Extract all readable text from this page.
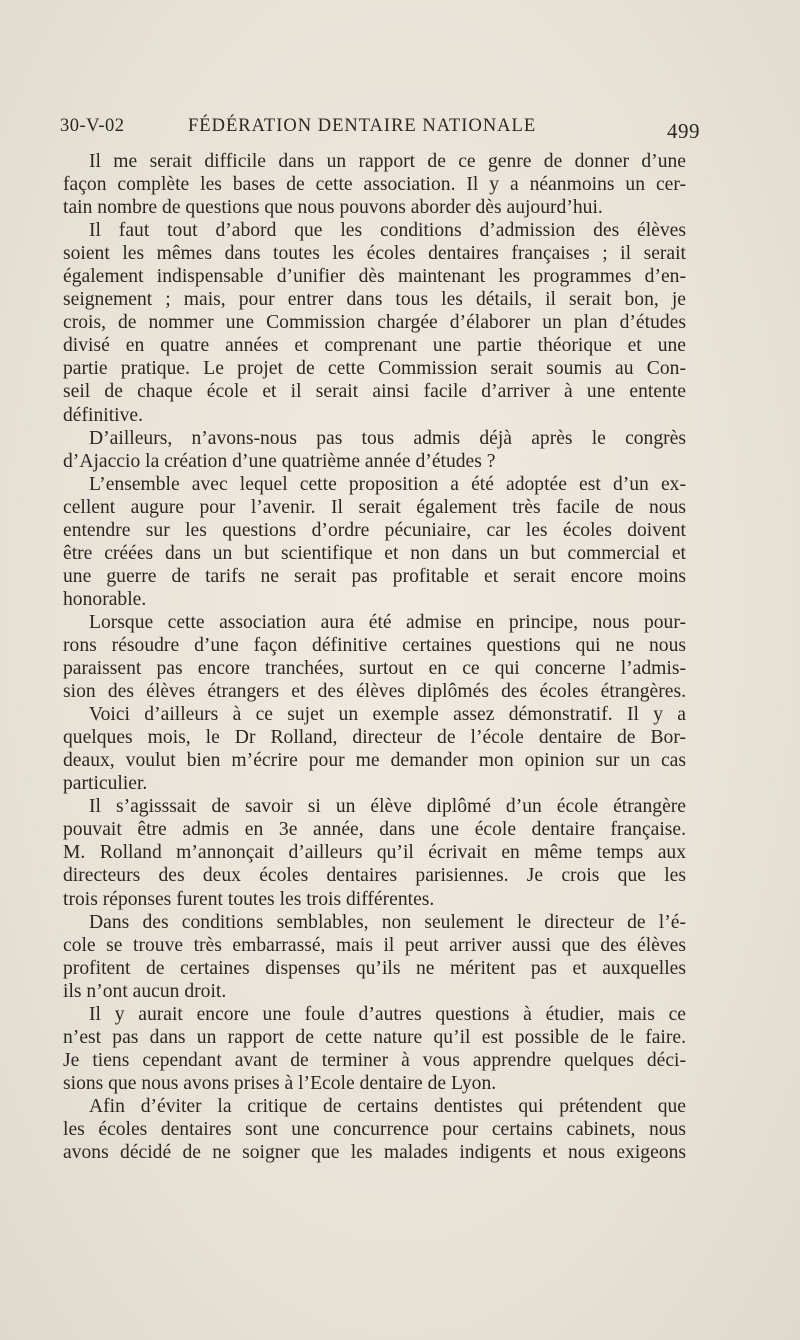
30-V-02	FÉDÉRATION DENTAIRE NATIONALE	499
Il me serait difficile dans un rapport de ce genre de donner d’une
façon complète les bases de cette association. Il y a néanmoins un cer-
tain nombre de questions que nous pouvons aborder dès aujourd’hui.
Il faut tout d’abord que les conditions d’admission des élèves
soient les mêmes dans toutes les écoles dentaires françaises ; il serait
également indispensable d’unifier dès maintenant les programmes d’en-
seignement ; mais, pour entrer dans tous les détails, il serait bon, je
crois, de nommer une Commission chargée d’élaborer un plan d’études
divisé en quatre années et comprenant une partie théorique et une
partie pratique. Le projet de cette Commission serait soumis au Con-
seil de chaque école et il serait ainsi facile d’arriver à une entente
définitive.
D’ailleurs, n’avons-nous pas tous admis déjà après le congrès
d’Ajaccio la création d’une quatrième année d’études ?
L’ensemble avec lequel cette proposition a été adoptée est d’un ex-
cellent augure pour l’avenir. Il serait également très facile de nous
entendre sur les questions d’ordre pécuniaire, car les écoles doivent
être créées dans un but scientifique et non dans un but commercial et
une guerre de tarifs ne serait pas profitable et serait encore moins
honorable.
Lorsque cette association aura été admise en principe, nous pour-
rons résoudre d’une façon définitive certaines questions qui ne nous
paraissent pas encore tranchées, surtout en ce qui concerne l’admis-
sion des élèves étrangers et des élèves diplômés des écoles étrangères.
Voici d’ailleurs à ce sujet un exemple assez démonstratif. Il y a
quelques mois, le Dr Rolland, directeur de l’école dentaire de Bor-
deaux, voulut bien m’écrire pour me demander mon opinion sur un cas
particulier.
Il s’agisssait de savoir si un élève diplômé d’un école étrangère
pouvait être admis en 3e année, dans une école dentaire française.
M. Rolland m’annonçait d’ailleurs qu’il écrivait en même temps aux
directeurs des deux écoles dentaires parisiennes. Je crois que les
trois réponses furent toutes les trois différentes.
Dans des conditions semblables, non seulement le directeur de l’é-
cole se trouve très embarrassé, mais il peut arriver aussi que des élèves
profitent de certaines dispenses qu’ils ne méritent pas et auxquelles
ils n’ont aucun droit.
Il y aurait encore une foule d’autres questions à étudier, mais ce
n’est pas dans un rapport de cette nature qu’il est possible de le faire.
Je tiens cependant avant de terminer à vous apprendre quelques déci-
sions que nous avons prises à l’Ecole dentaire de Lyon.
Afin d’éviter la critique de certains dentistes qui prétendent que
les écoles dentaires sont une concurrence pour certains cabinets, nous
avons décidé de ne soigner que les malades indigents et nous exigeons
